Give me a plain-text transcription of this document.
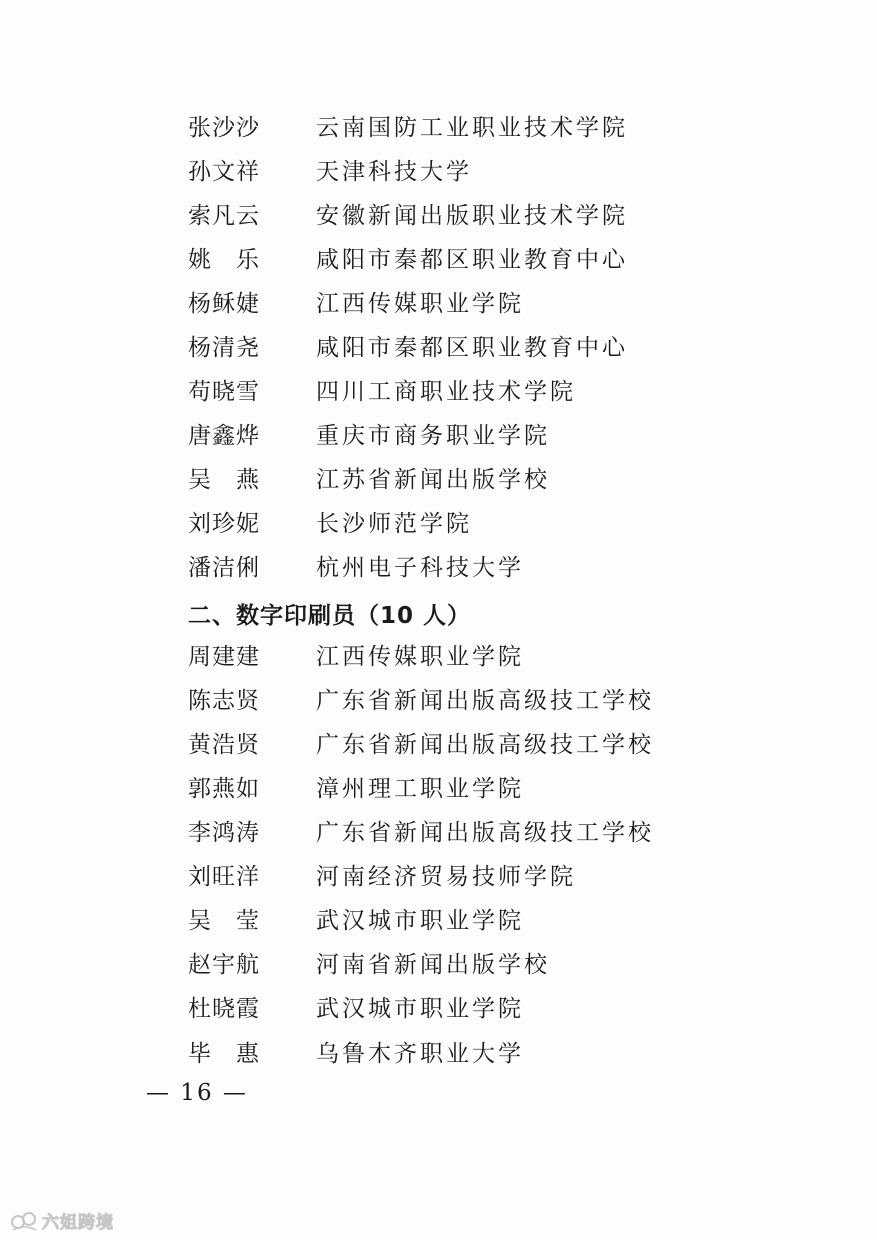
张沙沙	云南国防工业职业技术学院
孙文祥	天津科技大学
索凡云	安徽新闻出版职业技术学院
姚　乐	咸阳市秦都区职业教育中心
杨稣婕	江西传媒职业学院
杨清尧	咸阳市秦都区职业教育中心
苟晓雪	四川工商职业技术学院
唐鑫烨	重庆市商务职业学院
吴　燕	江苏省新闻出版学校
刘珍妮	长沙师范学院
潘洁俐	杭州电子科技大学
二、数字印刷员（10 人）
周建建	江西传媒职业学院
陈志贤	广东省新闻出版高级技工学校
黄浩贤	广东省新闻出版高级技工学校
郭燕如	漳州理工职业学院
李鸿涛	广东省新闻出版高级技工学校
刘旺洋	河南经济贸易技师学院
吴　莹	武汉城市职业学院
赵宇航	河南省新闻出版学校
杜晓霞	武汉城市职业学院
毕　惠	乌鲁木齐职业大学
— 16 —
六姐跨境
